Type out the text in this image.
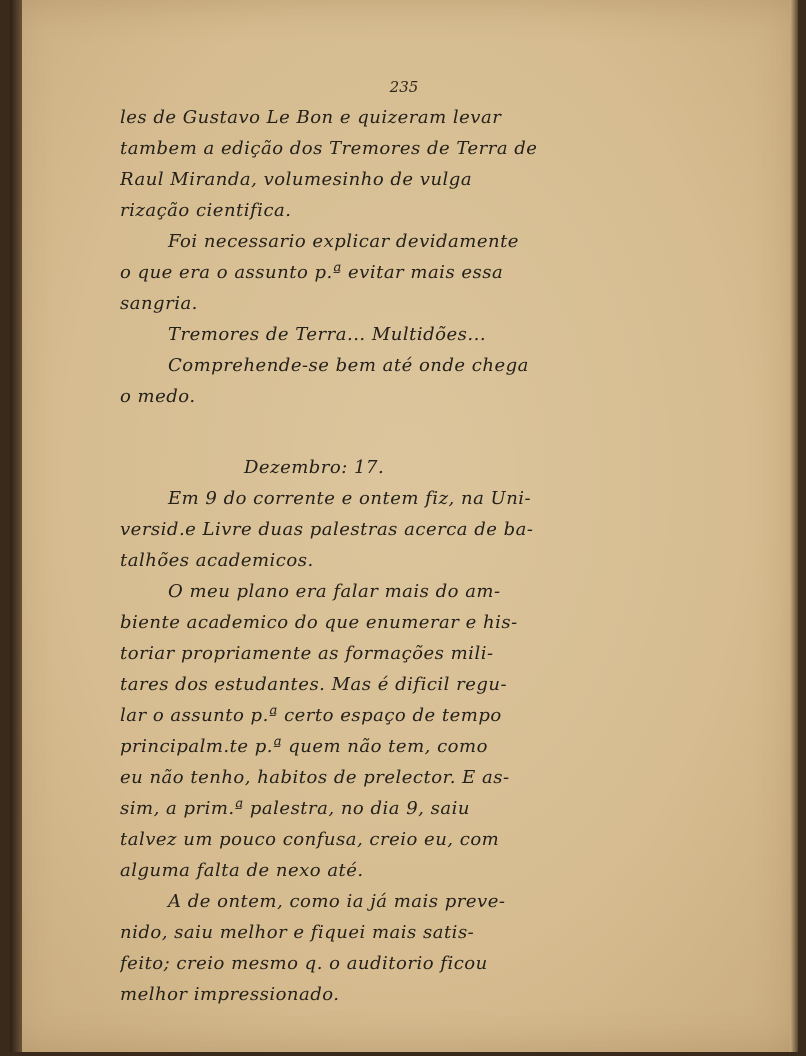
235
les de Gustavo Le Bon e quizeram levar
tambem a edição dos Tremores de Terra de
Raul Miranda, volumesinho de vulga
rização cientifica.
Foi necessario explicar devidamente
o que era o assunto p.ª evitar mais essa
sangria.
Tremores de Terra... Multidões...
Comprehende-se bem até onde chega
o medo.
Dezembro: 17.
Em 9 do corrente e ontem fiz, na Uni-
versid.e Livre duas palestras acerca de ba-
talhões academicos.
O meu plano era falar mais do am-
biente academico do que enumerar e his-
toriar propriamente as formações mili-
tares dos estudantes. Mas é dificil regu-
lar o assunto p.ª certo espaço de tempo
principalm.te p.ª quem não tem, como
eu não tenho, habitos de prelector. E as-
sim, a prim.ª palestra, no dia 9, saiu
talvez um pouco confusa, creio eu, com
alguma falta de nexo até.
A de ontem, como ia já mais preve-
nido, saiu melhor e fiquei mais satis-
feito; creio mesmo q. o auditorio ficou
melhor impressionado.
